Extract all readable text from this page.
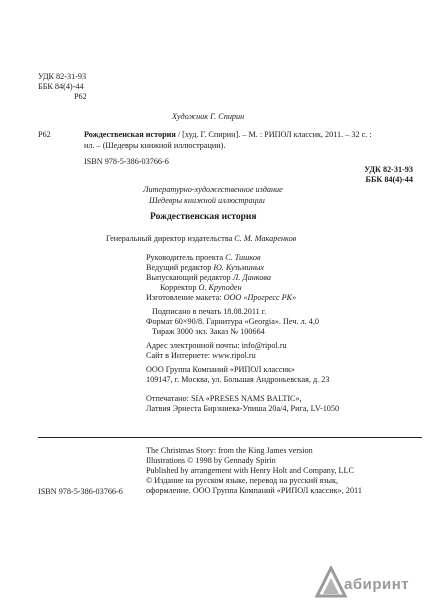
УДК 82-31-93
ББК 84(4)-44
Р62
Художник Г. Спирин
Р62	Рождественская история / [худ. Г. Спирин]. – М. : РИПОЛ классик, 2011. – 32 с. :
ил. – (Шедевры книжной иллюстрации).
ISBN 978-5-386-03766-6
УДК 82-31-93
ББК 84(4)-44
Литературно-художественное издание
Шедевры книжной иллюстрации
Рождественская история
Генеральный директор издательства С. М. Макаренков
Руководитель проекта С. Тишков
Ведущий редактор Ю. Кузьминых
Выпускающий редактор Л. Данкова
Корректор О. Круподен
Изготовление макета: ООО «Прогресс РК»
Подписано в печать 18.08.2011 г.
Формат 60×90/8. Гарнитура «Georgia». Печ. л. 4,0
Тираж 3000 экз. Заказ № 100664
Адрес электронной почты: info@ripol.ru
Сайт в Интернете: www.ripol.ru
ООО Группа Компаний «РИПОЛ классик»
109147, г. Москва, ул. Большая Андроньевская, д. 23
Отпечатано: SIA «PRESES NAMS BALTIC»,
Латвия Эрнеста Бирзниека-Упиша 20а/4, Рига, LV-1050
The Christmas Story: from the King James version
Illustrations © 1998 by Gennady Spirin
Published by arrangement with Henry Holt and Company, LLC
© Издание на русском языке, перевод на русский язык,
оформление. ООО Группа Компаний «РИПОЛ классик», 2011
ISBN 978-5-386-03766-6
абиринт
